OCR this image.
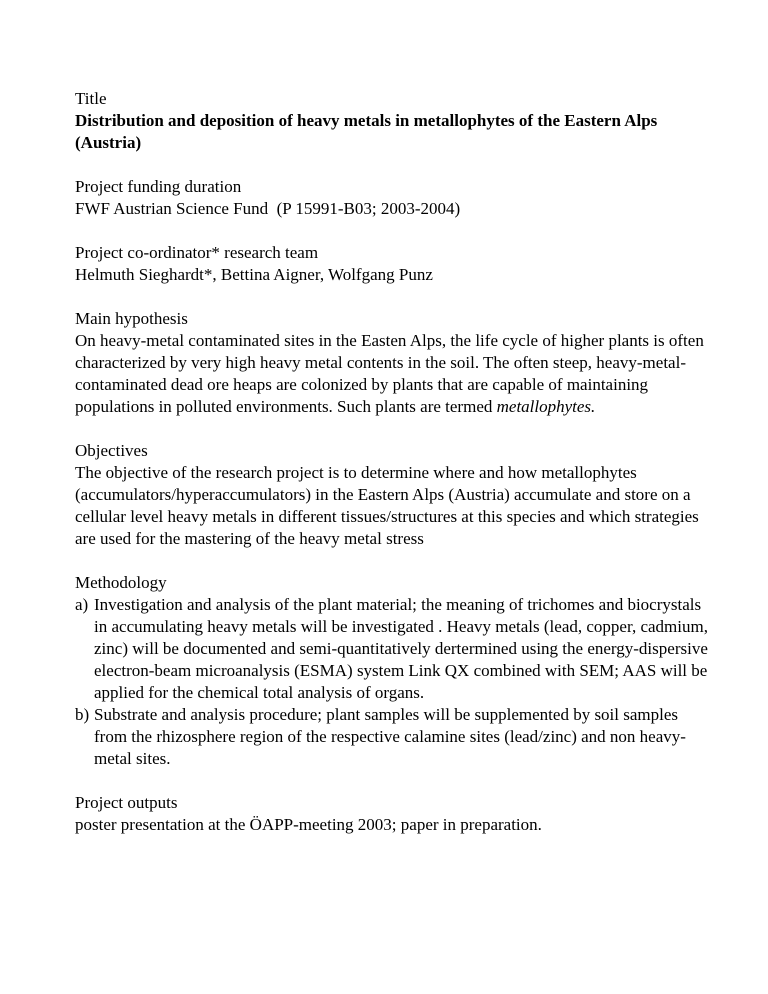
Title

Distribution and deposition of heavy metals in metallophytes of the Eastern Alps

(Austria)

Project funding duration

FWF Austrian Science Fund  (P 15991-B03; 2003-2004)

Project co-ordinator* research team

Helmuth Sieghardt*, Bettina Aigner, Wolfgang Punz

Main hypothesis

On heavy-metal contaminated sites in the Easten Alps, the life cycle of higher plants is often characterized by very high heavy metal contents in the soil. The often steep, heavy-metal-contaminated dead ore heaps are colonized by plants that are capable of maintaining populations in polluted environments. Such plants are termed metallophytes.

Objectives

The objective of the research project is to determine where and how metallophytes (accumulators/hyperaccumulators) in the Eastern Alps (Austria) accumulate and store on a cellular level heavy metals in different tissues/structures at this species and which strategies are used for the mastering of the heavy metal stress

Methodology

a) Investigation and analysis of the plant material; the meaning of trichomes and biocrystals in accumulating heavy metals will be investigated . Heavy metals (lead, copper, cadmium, zinc) will be documented and semi-quantitatively dertermined using the energy-dispersive electron-beam microanalysis (ESMA) system Link QX combined with SEM; AAS will be applied for the chemical total analysis of organs.
b) Substrate and analysis procedure; plant samples will be supplemented by soil samples from the rhizosphere region of the respective calamine sites (lead/zinc) and non heavy-metal sites.

Project outputs

poster presentation at the ÖAPP-meeting 2003; paper in preparation.
